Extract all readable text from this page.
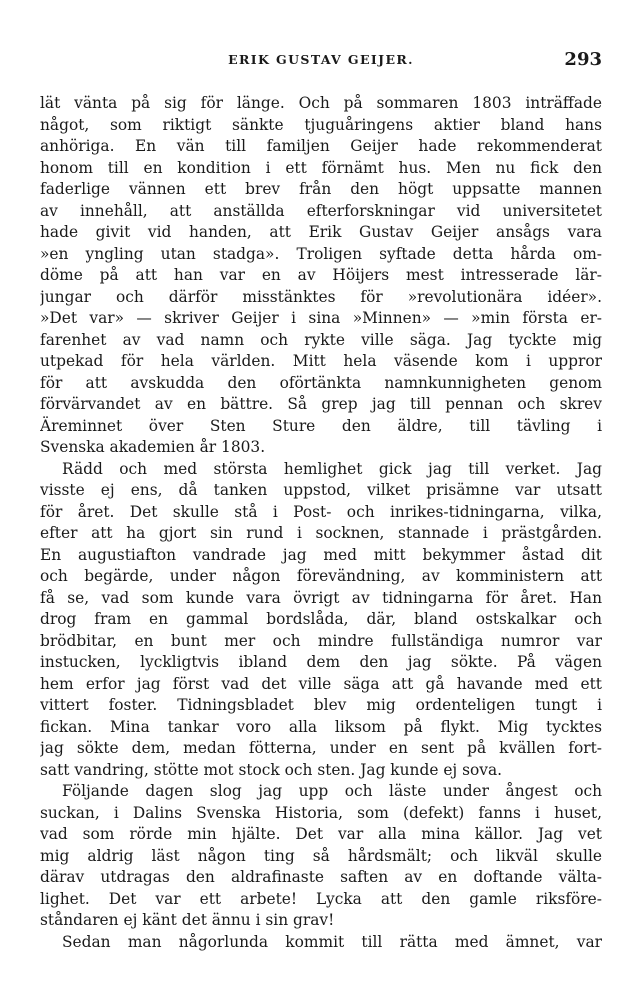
ERIK GUSTAV GEIJER.	293
lät vänta på sig för länge. Och på sommaren 1803 inträffade
något, som riktigt sänkte tjuguåringens aktier bland hans
anhöriga. En vän till familjen Geijer hade rekommenderat
honom till en kondition i ett förnämt hus. Men nu fick den
faderlige vännen ett brev från den högt uppsatte mannen
av innehåll, att anställda efterforskningar vid universitetet
hade givit vid handen, att Erik Gustav Geijer ansågs vara
»en yngling utan stadga». Troligen syftade detta hårda om-
döme på att han var en av Höijers mest intresserade lär-
jungar och därför misstänktes för »revolutionära idéer».
»Det var» — skriver Geijer i sina »Minnen» — »min första er-
farenhet av vad namn och rykte ville säga. Jag tyckte mig
utpekad för hela världen. Mitt hela väsende kom i uppror
för att avskudda den oförtänkta namnkunnigheten genom
förvärvandet av en bättre. Så grep jag till pennan och skrev
Äreminnet över Sten Sture den äldre, till tävling i
Svenska akademien år 1803.
Rädd och med största hemlighet gick jag till verket. Jag
visste ej ens, då tanken uppstod, vilket prisämne var utsatt
för året. Det skulle stå i Post- och inrikes-tidningarna, vilka,
efter att ha gjort sin rund i socknen, stannade i prästgården.
En augustiafton vandrade jag med mitt bekymmer åstad dit
och begärde, under någon förevändning, av komministern att
få se, vad som kunde vara övrigt av tidningarna för året. Han
drog fram en gammal bordslåda, där, bland ostskalkar och
brödbitar, en bunt mer och mindre fullständiga numror var
instucken, lyckligtvis ibland dem den jag sökte. På vägen
hem erfor jag först vad det ville säga att gå havande med ett
vittert foster. Tidningsbladet blev mig ordenteligen tungt i
fickan. Mina tankar voro alla liksom på flykt. Mig tycktes
jag sökte dem, medan fötterna, under en sent på kvällen fort-
satt vandring, stötte mot stock och sten. Jag kunde ej sova.
Följande dagen slog jag upp och läste under ångest och
suckan, i Dalins Svenska Historia, som (defekt) fanns i huset,
vad som rörde min hjälte. Det var alla mina källor. Jag vet
mig aldrig läst någon ting så hårdsmält; och likväl skulle
därav utdragas den aldrafinaste saften av en doftande välta-
lighet. Det var ett arbete! Lycka att den gamle riksföre-
ståndaren ej känt det ännu i sin grav!
Sedan man någorlunda kommit till rätta med ämnet, var
